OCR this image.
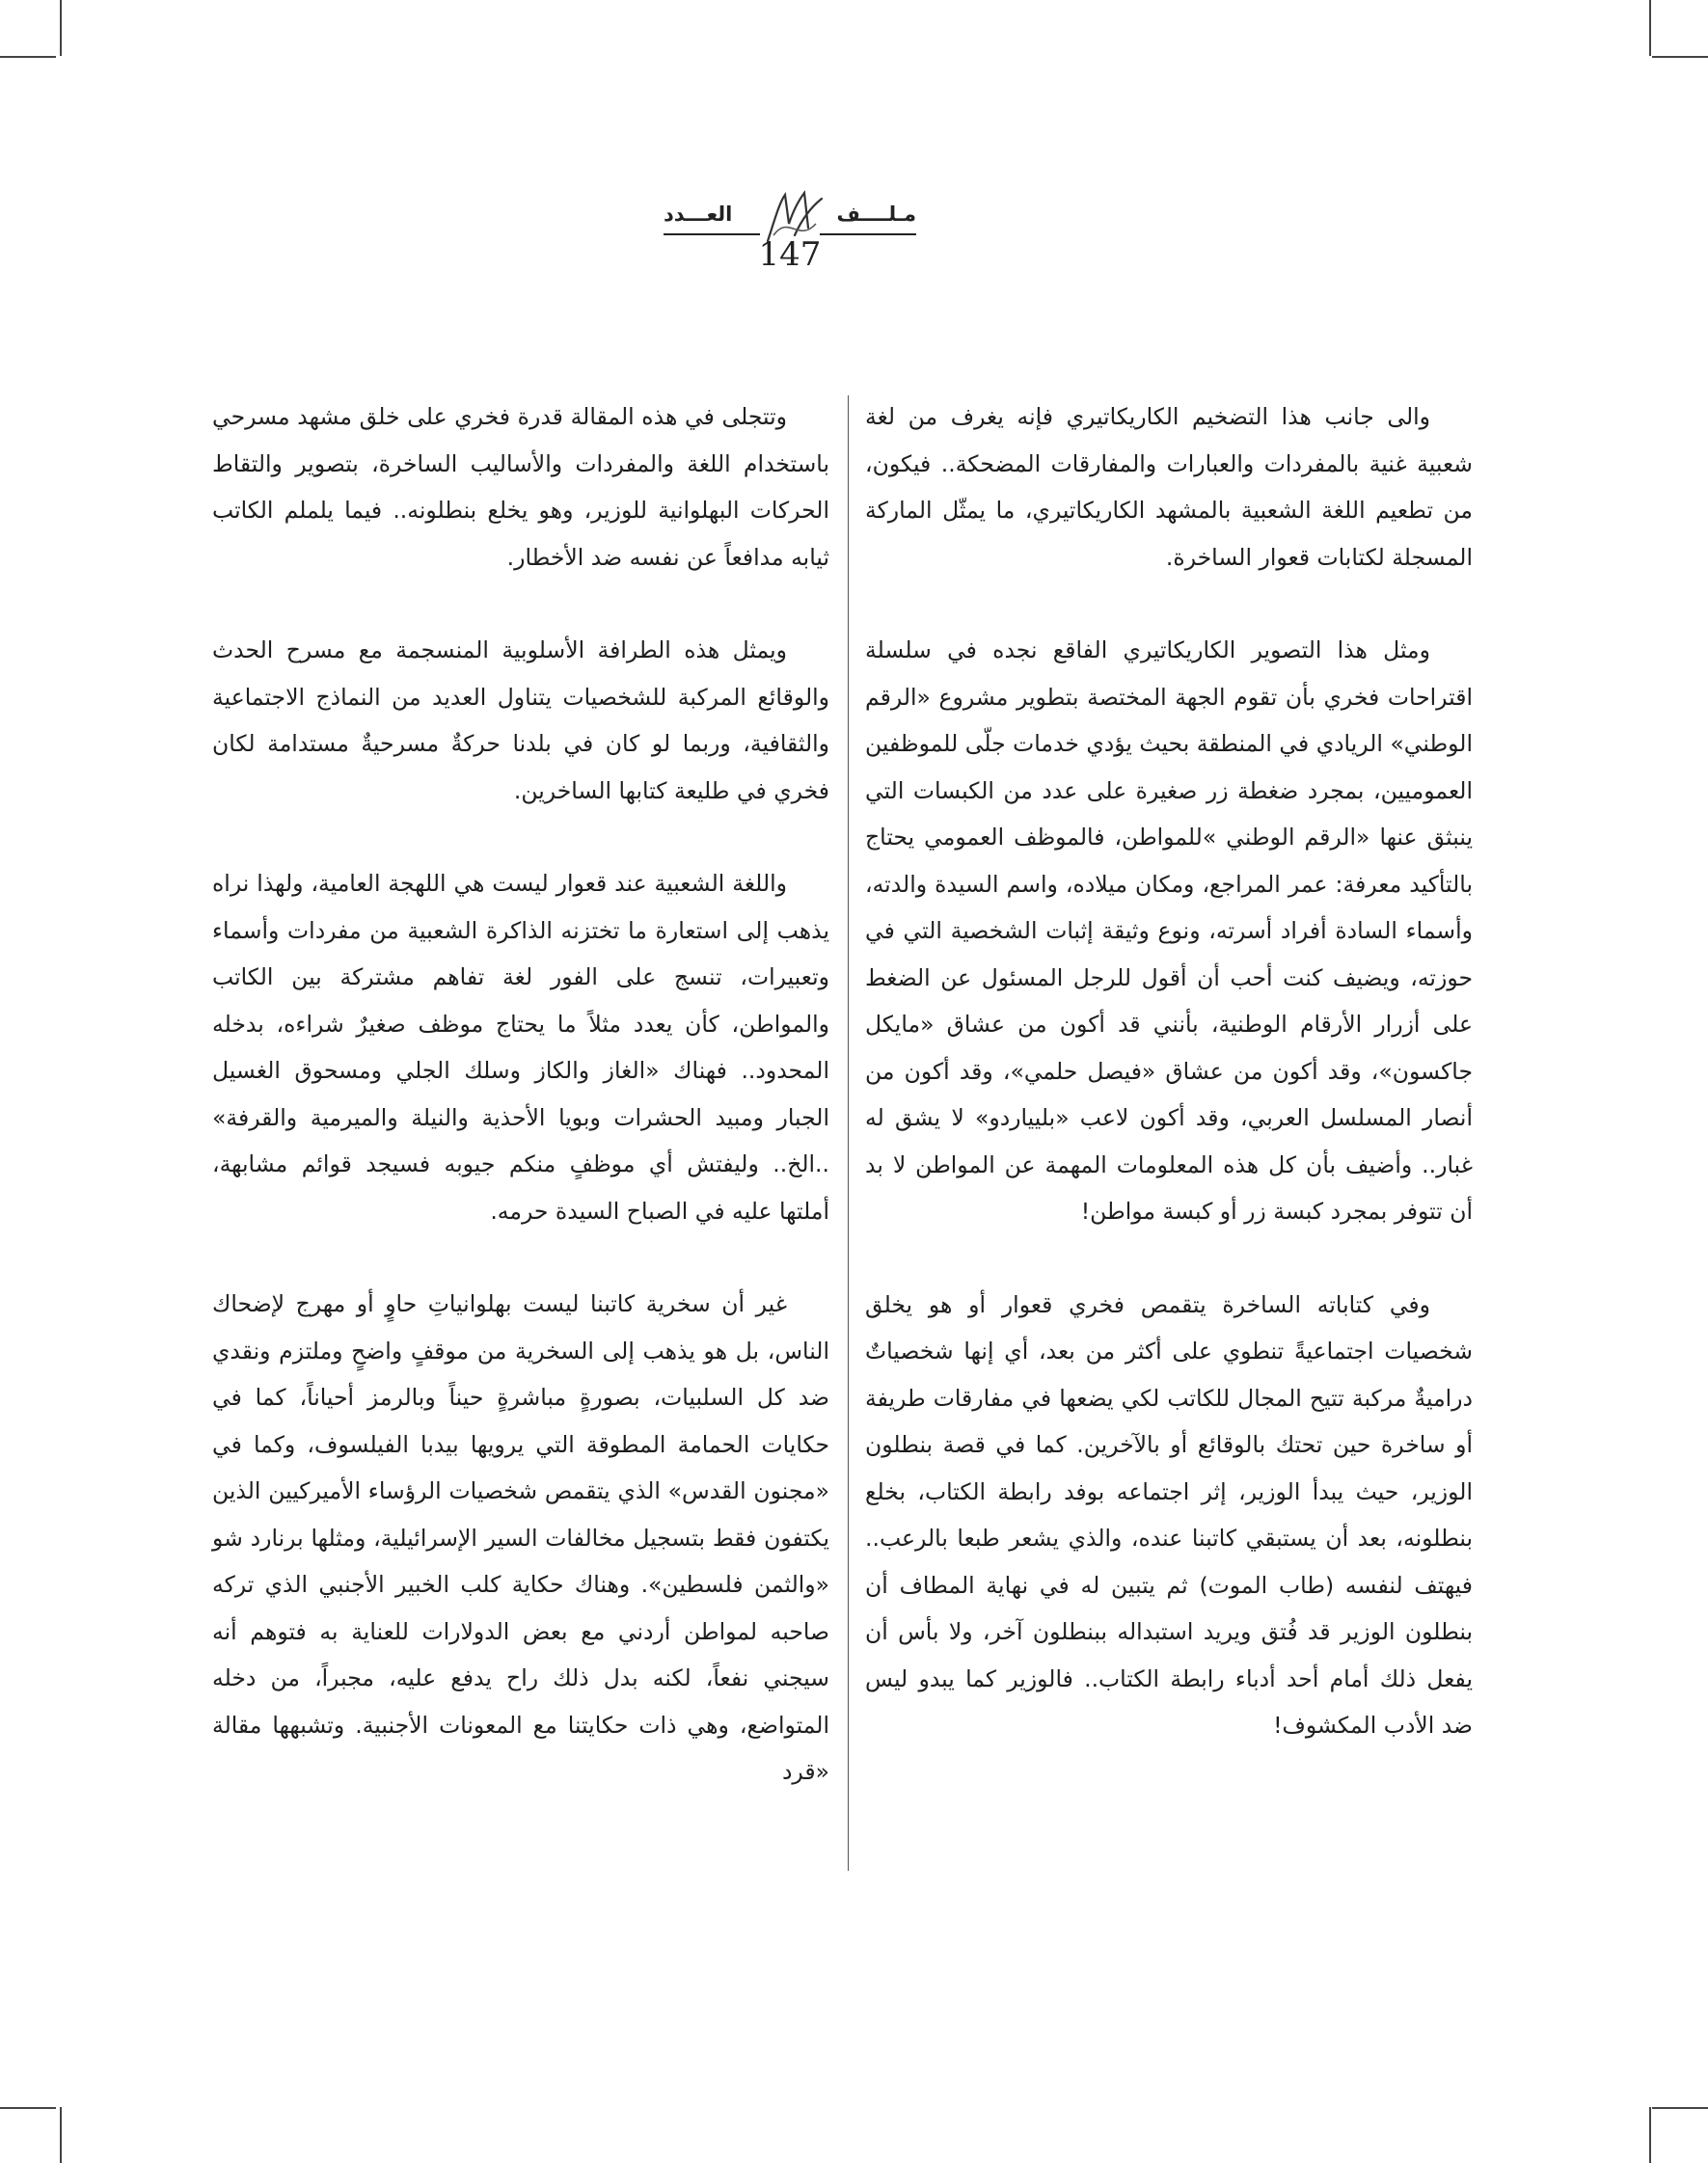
العـــدد	مـلــــف
147

والى جانب هذا التضخيم الكاريكاتيري فإنه يغرف من لغة شعبية غنية بالمفردات والعبارات والمفارقات المضحكة.. فيكون، من تطعيم اللغة الشعبية بالمشهد الكاريكاتيري، ما يمثّل الماركة المسجلة لكتابات قعوار الساخرة.

ومثل هذا التصوير الكاريكاتيري الفاقع نجده في سلسلة اقتراحات فخري بأن تقوم الجهة المختصة بتطوير مشروع «الرقم الوطني» الريادي في المنطقة بحيث يؤدي خدمات جلّى للموظفين العموميين، بمجرد ضغطة زر صغيرة على عدد من الكبسات التي ينبثق عنها «الرقم الوطني »للمواطن، فالموظف العمومي يحتاج بالتأكيد معرفة: عمر المراجع، ومكان ميلاده، واسم السيدة والدته، وأسماء السادة أفراد أسرته، ونوع وثيقة إثبات الشخصية التي في حوزته، ويضيف كنت أحب أن أقول للرجل المسئول عن الضغط على أزرار الأرقام الوطنية، بأنني قد أكون من عشاق «مايكل جاكسون»، وقد أكون من عشاق «فيصل حلمي»، وقد أكون من أنصار المسلسل العربي، وقد أكون لاعب «بليياردو» لا يشق له غبار.. وأضيف بأن كل هذه المعلومات المهمة عن المواطن لا بد أن تتوفر بمجرد كبسة زر أو كبسة مواطن!

وفي كتاباته الساخرة يتقمص فخري قعوار أو هو يخلق شخصيات اجتماعيةً تنطوي على أكثر من بعد، أي إنها شخصياتٌ دراميةٌ مركبة تتيح المجال للكاتب لكي يضعها في مفارقات طريفة أو ساخرة حين تحتك بالوقائع أو بالآخرين. كما في قصة بنطلون الوزير، حيث يبدأ الوزير، إثر اجتماعه بوفد رابطة الكتاب، بخلع بنطلونه، بعد أن يستبقي كاتبنا عنده، والذي يشعر طبعا بالرعب.. فيهتف لنفسه (طاب الموت) ثم يتبين له في نهاية المطاف أن بنطلون الوزير قد فُتق ويريد استبداله ببنطلون آخر، ولا بأس أن يفعل ذلك أمام أحد أدباء رابطة الكتاب.. فالوزير كما يبدو ليس ضد الأدب المكشوف!

وتتجلى في هذه المقالة قدرة فخري على خلق مشهد مسرحي باستخدام اللغة والمفردات والأساليب الساخرة، بتصوير والتقاط الحركات البهلوانية للوزير، وهو يخلع بنطلونه.. فيما يلملم الكاتب ثيابه مدافعاً عن نفسه ضد الأخطار.

ويمثل هذه الطرافة الأسلوبية المنسجمة مع مسرح الحدث والوقائع المركبة للشخصيات يتناول العديد من النماذج الاجتماعية والثقافية، وربما لو كان في بلدنا حركةٌ مسرحيةٌ مستدامة لكان فخري في طليعة كتابها الساخرين.

واللغة الشعبية عند قعوار ليست هي اللهجة العامية، ولهذا نراه يذهب إلى استعارة ما تختزنه الذاكرة الشعبية من مفردات وأسماء وتعبيرات، تنسج على الفور لغة تفاهم مشتركة بين الكاتب والمواطن، كأن يعدد مثلاً ما يحتاج موظف صغيرٌ شراءه، بدخله المحدود.. فهناك «الغاز والكاز وسلك الجلي ومسحوق الغسيل الجبار ومبيد الحشرات وبويا الأحذية والنيلة والميرمية والقرفة» ..الخ.. وليفتش أي موظفٍ منكم جيوبه فسيجد قوائم مشابهة، أملتها عليه في الصباح السيدة حرمه.

غير أن سخرية كاتبنا ليست بهلوانياتِ حاوٍ أو مهرج لإضحاك الناس، بل هو يذهب إلى السخرية من موقفٍ واضحٍ وملتزم ونقدي ضد كل السلبيات، بصورةٍ مباشرةٍ حيناً وبالرمز أحياناً، كما في حكايات الحمامة المطوقة التي يرويها بيدبا الفيلسوف، وكما في «مجنون القدس» الذي يتقمص شخصيات الرؤساء الأميركيين الذين يكتفون فقط بتسجيل مخالفات السير الإسرائيلية، ومثلها برنارد شو «والثمن فلسطين». وهناك حكاية كلب الخبير الأجنبي الذي تركه صاحبه لمواطن أردني مع بعض الدولارات للعناية به فتوهم أنه سيجني نفعاً، لكنه بدل ذلك راح يدفع عليه، مجبراً، من دخله المتواضع، وهي ذات حكايتنا مع المعونات الأجنبية. وتشبهها مقالة «قرد
